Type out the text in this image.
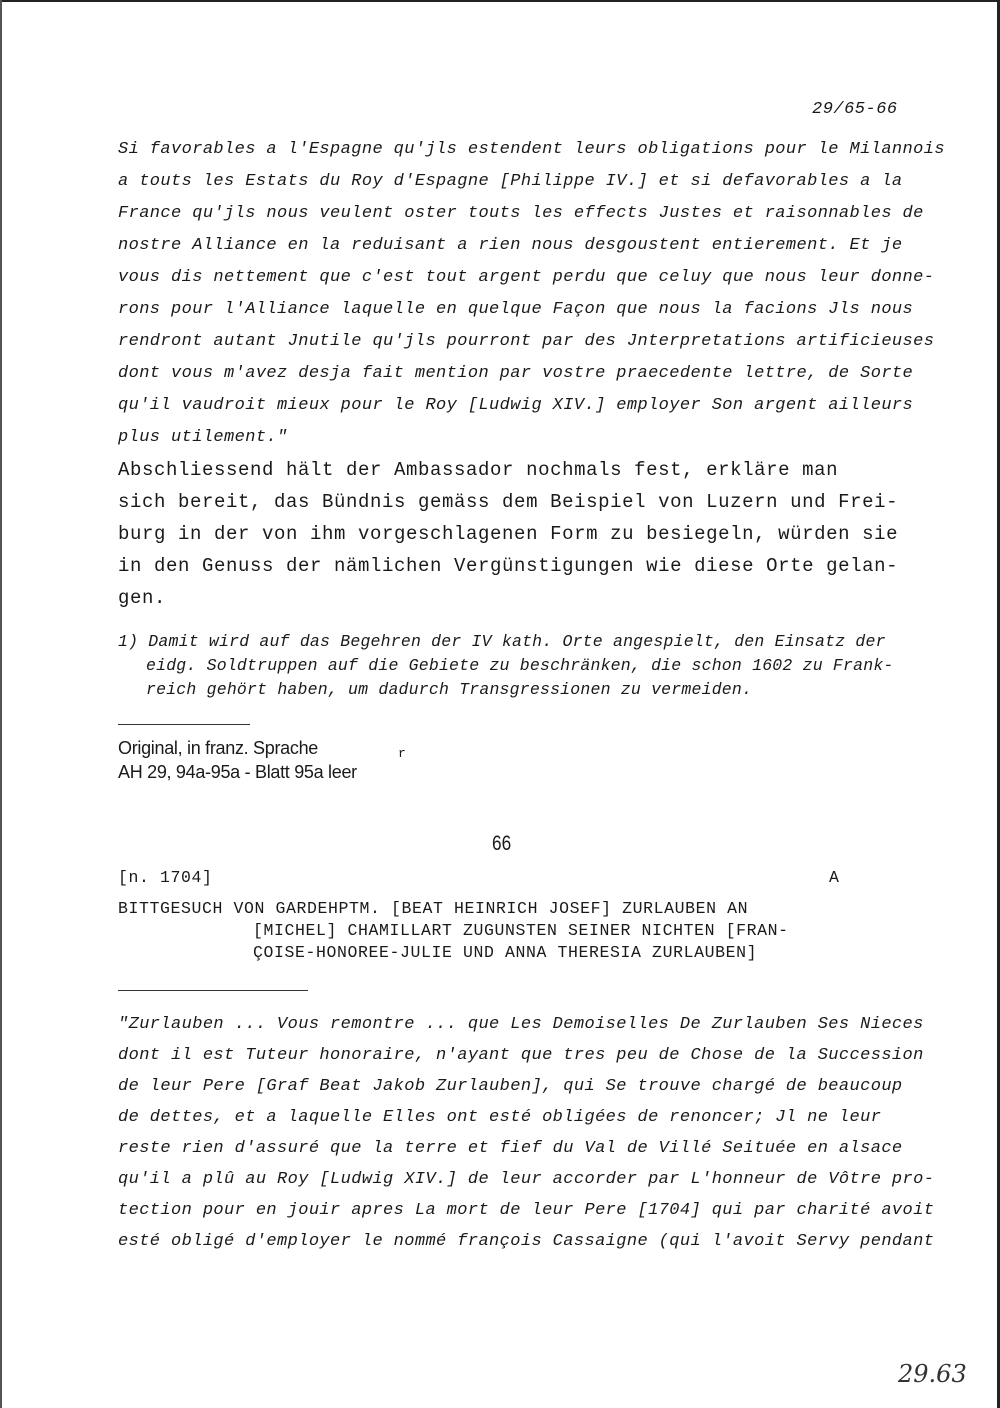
29/65-66
Si favorables a l'Espagne qu'jls estendent leurs obligations pour le Milannois
a touts les Estats du Roy d'Espagne [Philippe IV.] et si defavorables a la
France qu'jls nous veulent oster touts les effects Justes et raisonnables de
nostre Alliance en la reduisant a rien nous desgoustent entierement. Et je
vous dis nettement que c'est tout argent perdu que celuy que nous leur donne-
rons pour l'Alliance laquelle en quelque Façon que nous la facions Jls nous
rendront autant Jnutile qu'jls pourront par des Jnterpretations artificieuses
dont vous m'avez desja fait mention par vostre praecedente lettre, de Sorte
qu'il vaudroit mieux pour le Roy [Ludwig XIV.] employer Son argent ailleurs
plus utilement."
Abschliessend hält der Ambassador nochmals fest, erkläre man
sich bereit, das Bündnis gemäss dem Beispiel von Luzern und Frei-
burg in der von ihm vorgeschlagenen Form zu besiegeln, würden sie
in den Genuss der nämlichen Vergünstigungen wie diese Orte gelan-
gen.
1) Damit wird auf das Begehren der IV kath. Orte angespielt, den Einsatz der
eidg. Soldtruppen auf die Gebiete zu beschränken, die schon 1602 zu Frank-
reich gehört haben, um dadurch Transgressionen zu vermeiden.
Original, in franz. Sprache	r
AH 29, 94a-95a - Blatt 95a leer
66
[n. 1704]	A
BITTGESUCH VON GARDEHPTM. [BEAT HEINRICH JOSEF] ZURLAUBEN AN
[MICHEL] CHAMILLART ZUGUNSTEN SEINER NICHTEN [FRAN-
ÇOISE-HONOREE-JULIE UND ANNA THERESIA ZURLAUBEN]
"Zurlauben ... Vous remontre ... que Les Demoiselles De Zurlauben Ses Nieces
dont il est Tuteur honoraire, n'ayant que tres peu de Chose de la Succession
de leur Pere [Graf Beat Jakob Zurlauben], qui Se trouve chargé de beaucoup
de dettes, et a laquelle Elles ont esté obligées de renoncer; Jl ne leur
reste rien d'assuré que la terre et fief du Val de Villé Seituée en alsace
qu'il a plû au Roy [Ludwig XIV.] de leur accorder par L'honneur de Vôtre pro-
tection pour en jouir apres La mort de leur Pere [1704] qui par charité avoit
esté obligé d'employer le nommé françois Cassaigne (qui l'avoit Servy pendant
29.63
